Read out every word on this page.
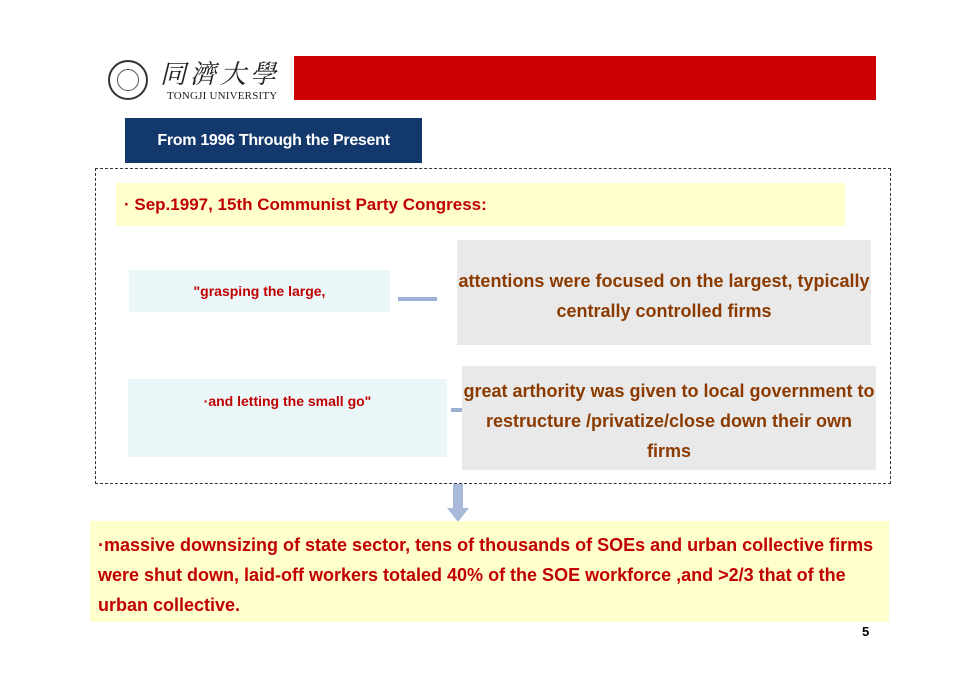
同濟大學
TONGJI UNIVERSITY
From 1996 Through the Present
· Sep.1997, 15th Communist Party Congress:
"grasping the large,	attentions were focused on the largest, typically centrally controlled firms
·and letting the small go"	great arthority was given to local government to restructure /privatize/close down their own firms
·massive downsizing of state sector, tens of thousands of SOEs and urban collective firms were shut down, laid-off workers totaled 40% of the SOE workforce ,and >2/3 that of the urban collective.
5
